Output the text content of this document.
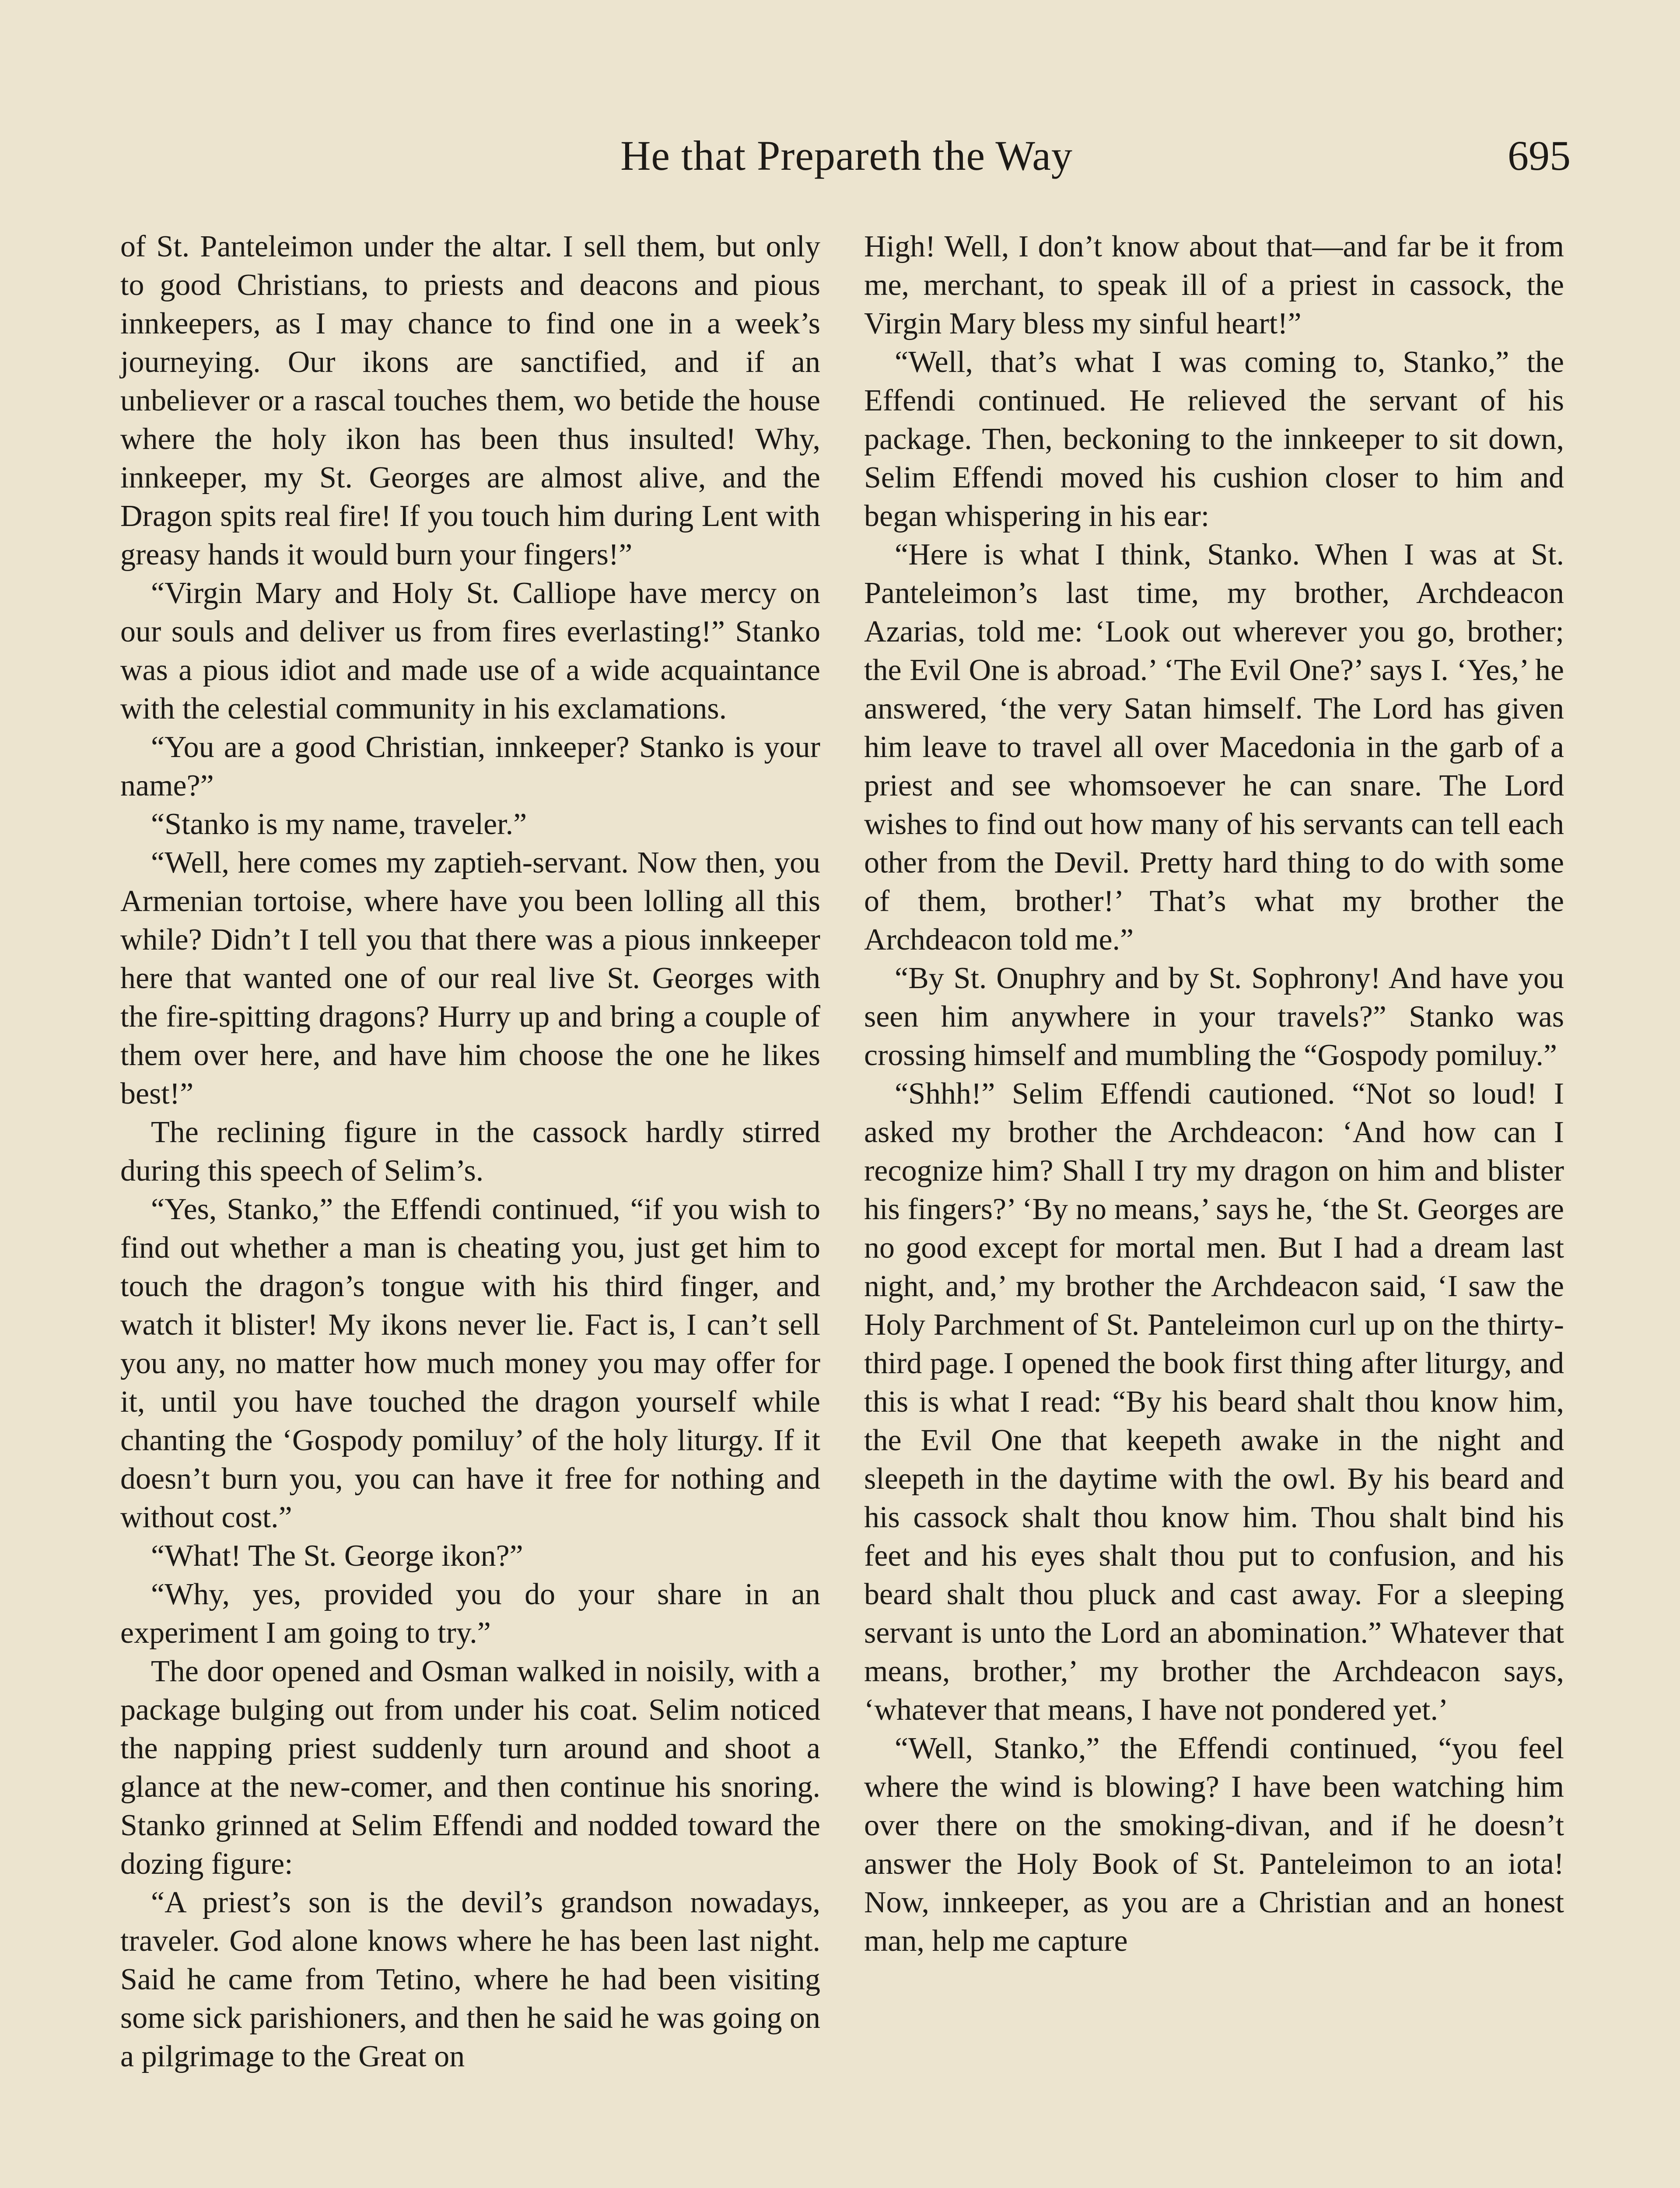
He that Prepareth the Way	695

of St. Panteleimon under the altar. I sell them, but only to good Christians, to priests and deacons and pious innkeepers, as I may chance to find one in a week’s journeying. Our ikons are sanctified, and if an unbeliever or a rascal touches them, wo betide the house where the holy ikon has been thus insulted! Why, innkeeper, my St. Georges are almost alive, and the Dragon spits real fire! If you touch him during Lent with greasy hands it would burn your fingers!”

“Virgin Mary and Holy St. Calliope have mercy on our souls and deliver us from fires everlasting!” Stanko was a pious idiot and made use of a wide acquaintance with the celestial community in his exclamations.

“You are a good Christian, innkeeper? Stanko is your name?”

“Stanko is my name, traveler.”

“Well, here comes my zaptieh-servant. Now then, you Armenian tortoise, where have you been lolling all this while? Didn’t I tell you that there was a pious innkeeper here that wanted one of our real live St. Georges with the fire-spitting dragons? Hurry up and bring a couple of them over here, and have him choose the one he likes best!”

The reclining figure in the cassock hardly stirred during this speech of Selim’s.

“Yes, Stanko,” the Effendi continued, “if you wish to find out whether a man is cheating you, just get him to touch the dragon’s tongue with his third finger, and watch it blister! My ikons never lie. Fact is, I can’t sell you any, no matter how much money you may offer for it, until you have touched the dragon yourself while chanting the ‘Gospody pomiluy’ of the holy liturgy. If it doesn’t burn you, you can have it free for nothing and without cost.”

“What! The St. George ikon?”

“Why, yes, provided you do your share in an experiment I am going to try.”

The door opened and Osman walked in noisily, with a package bulging out from under his coat. Selim noticed the napping priest suddenly turn around and shoot a glance at the new-comer, and then continue his snoring. Stanko grinned at Selim Effendi and nodded toward the dozing figure:

“A priest’s son is the devil’s grandson nowadays, traveler. God alone knows where he has been last night. Said he came from Tetino, where he had been visiting some sick parishioners, and then he said he was going on a pilgrimage to the Great on

High! Well, I don’t know about that—and far be it from me, merchant, to speak ill of a priest in cassock, the Virgin Mary bless my sinful heart!”

“Well, that’s what I was coming to, Stanko,” the Effendi continued. He relieved the servant of his package. Then, beckoning to the innkeeper to sit down, Selim Effendi moved his cushion closer to him and began whispering in his ear:

“Here is what I think, Stanko. When I was at St. Panteleimon’s last time, my brother, Archdeacon Azarias, told me: ‘Look out wherever you go, brother; the Evil One is abroad.’ ‘The Evil One?’ says I. ‘Yes,’ he answered, ‘the very Satan himself. The Lord has given him leave to travel all over Macedonia in the garb of a priest and see whomsoever he can snare. The Lord wishes to find out how many of his servants can tell each other from the Devil. Pretty hard thing to do with some of them, brother!’ That’s what my brother the Archdeacon told me.”

“By St. Onuphry and by St. Sophrony! And have you seen him anywhere in your travels?” Stanko was crossing himself and mumbling the “Gospody pomiluy.”

“Shhh!” Selim Effendi cautioned. “Not so loud! I asked my brother the Archdeacon: ‘And how can I recognize him? Shall I try my dragon on him and blister his fingers?’ ‘By no means,’ says he, ‘the St. Georges are no good except for mortal men. But I had a dream last night, and,’ my brother the Archdeacon said, ‘I saw the Holy Parchment of St. Panteleimon curl up on the thirty-third page. I opened the book first thing after liturgy, and this is what I read: “By his beard shalt thou know him, the Evil One that keepeth awake in the night and sleepeth in the daytime with the owl. By his beard and his cassock shalt thou know him. Thou shalt bind his feet and his eyes shalt thou put to confusion, and his beard shalt thou pluck and cast away. For a sleeping servant is unto the Lord an abomination.” Whatever that means, brother,’ my brother the Archdeacon says, ‘whatever that means, I have not pondered yet.’

“Well, Stanko,” the Effendi continued, “you feel where the wind is blowing? I have been watching him over there on the smoking-divan, and if he doesn’t answer the Holy Book of St. Panteleimon to an iota! Now, innkeeper, as you are a Christian and an honest man, help me capture
